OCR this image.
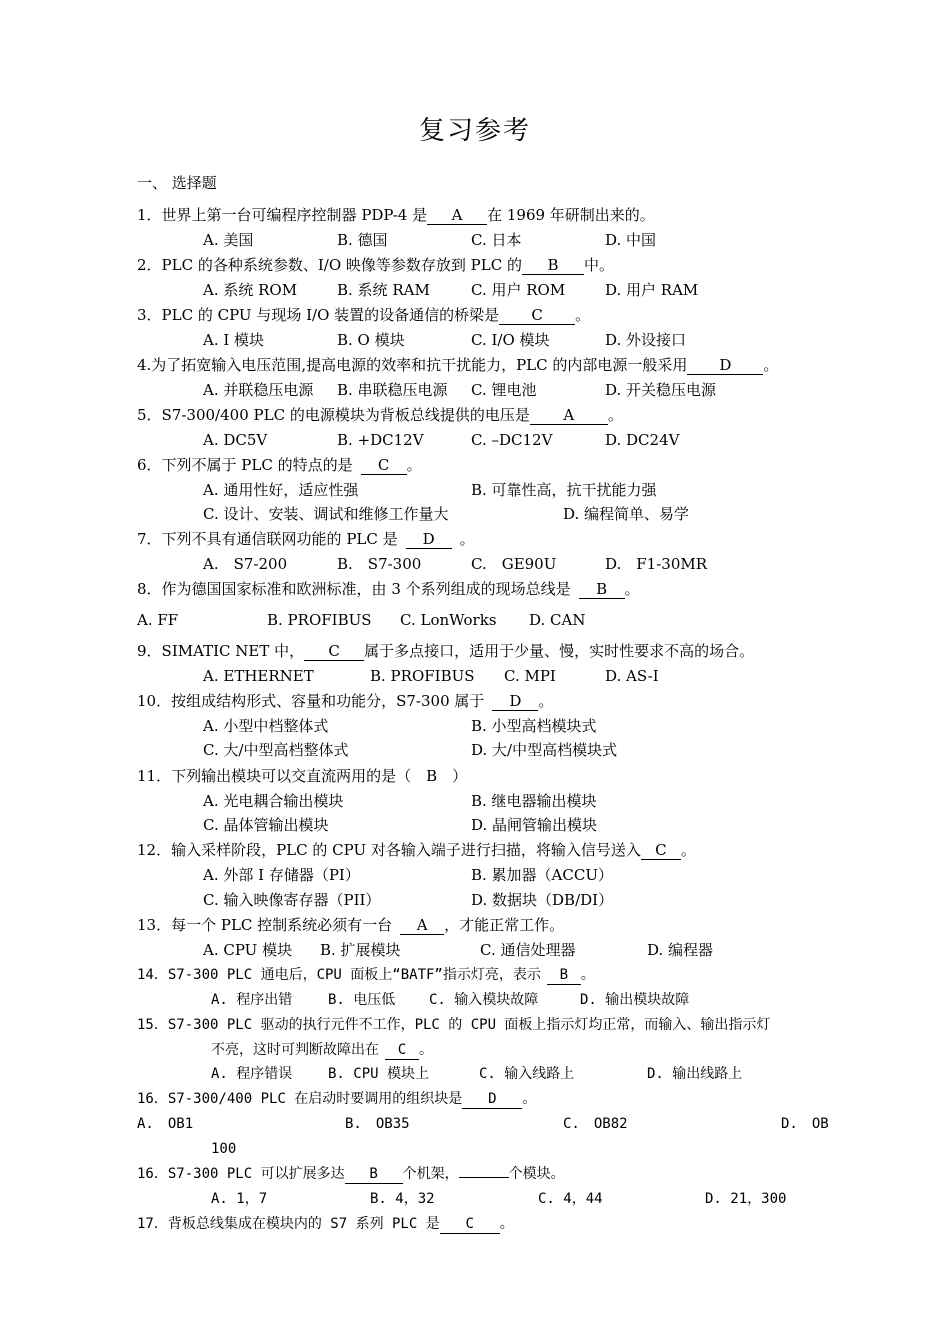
复习参考
一、 选择题
1．世界上第一台可编程序控制器 PDP-4 是 A 在 1969 年研制出来的。
A. 美国	B. 德国	C. 日本	D. 中国
2．PLC 的各种系统参数、I/O 映像等参数存放到 PLC 的 B 中。
A. 系统 ROM	B. 系统 RAM	C. 用户 ROM	D. 用户 RAM
3．PLC 的 CPU 与现场 I/O 装置的设备通信的桥梁是 C 。
A. I 模块	B. O 模块	C. I/O 模块	D. 外设接口
4.为了拓宽输入电压范围,提高电源的效率和抗干扰能力，PLC 的内部电源一般采用 D 。
A. 并联稳压电源 B. 串联稳压电源 C. 锂电池	D. 开关稳压电源
5．S7-300/400 PLC 的电源模块为背板总线提供的电压是 A 。
A. DC5V	B. +DC12V	C. –DC12V	D. DC24V
6．下列不属于 PLC 的特点的是 C 。
A. 通用性好，适应性强	B. 可靠性高，抗干扰能力强
C. 设计、安装、调试和维修工作量大	D. 编程简单、易学
7．下列不具有通信联网功能的 PLC 是 D 。
A.　S7-200	B.　S7-300	C.　GE90U	D.　F1-30MR
8．作为德国国家标准和欧洲标准，由 3 个系列组成的现场总线是 B 。
A. FF	B. PROFIBUS C. LonWorks D. CAN
9．SIMATIC NET 中， C 属于多点接口，适用于少量、慢，实时性要求不高的场合。
A. ETHERNET	B. PROFIBUS C. MPI	D. AS-I
10．按组成结构形式、容量和功能分，S7-300 属于 D 。
A. 小型中档整体式	B. 小型高档模块式
C. 大/中型高档整体式	D. 大/中型高档模块式
11．下列输出模块可以交直流两用的是（　B　）
A. 光电耦合输出模块	B. 继电器输出模块
C. 晶体管输出模块	D. 晶闸管输出模块
12．输入采样阶段，PLC 的 CPU 对各输入端子进行扫描，将输入信号送入 C 。
A. 外部 I 存储器（PI）	B. 累加器（ACCU）
C. 输入映像寄存器（PII）	D. 数据块（DB/DI）
13．每一个 PLC 控制系统必须有一台 A ，才能正常工作。
A. CPU 模块 B. 扩展模块	C. 通信处理器	D. 编程器
14．S7-300 PLC 通电后，CPU 面板上“BATF”指示灯亮，表示 B 。
A. 程序出错	B. 电压低 C. 输入模块故障	D. 输出模块故障
15．S7-300 PLC 驱动的执行元件不工作，PLC 的 CPU 面板上指示灯均正常，而输入、输出指示灯
不亮，这时可判断故障出在 C 。
A. 程序错误	B. CPU 模块上	C. 输入线路上	D. 输出线路上
16．S7-300/400 PLC 在启动时要调用的组织块是 D 。
A.　OB1	B.　OB35	C.　OB82	D.　OB
100
16．S7-300 PLC 可以扩展多达 B 个机架，	个模块。
A. 1，7	B. 4，32	C. 4，44	D. 21，300
17．背板总线集成在模块内的 S7 系列 PLC 是 C 。
